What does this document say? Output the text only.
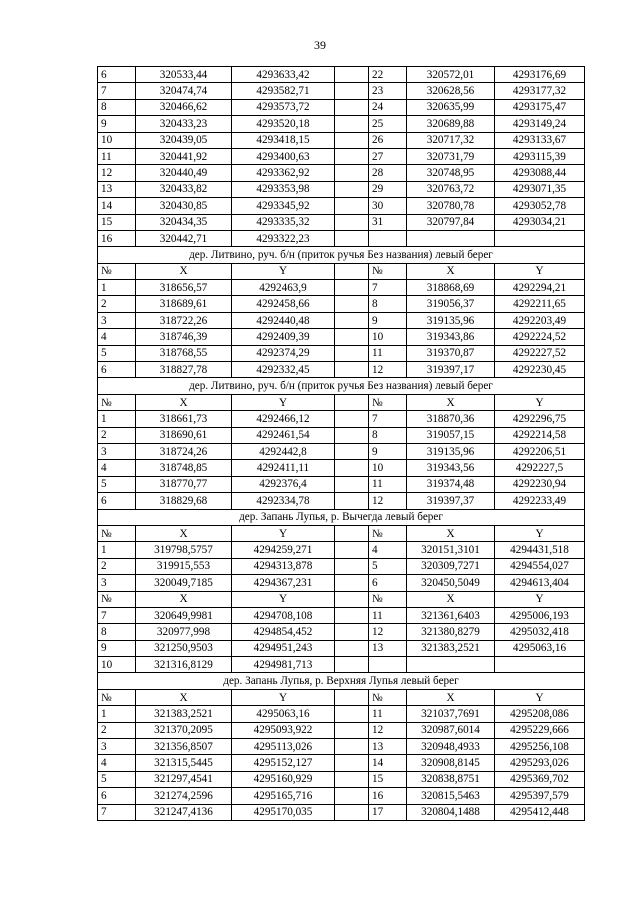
39
6	320533,44	4293633,42		22	320572,01	4293176,69
7	320474,74	4293582,71		23	320628,56	4293177,32
8	320466,62	4293573,72		24	320635,99	4293175,47
9	320433,23	4293520,18		25	320689,88	4293149,24
10	320439,05	4293418,15		26	320717,32	4293133,67
11	320441,92	4293400,63		27	320731,79	4293115,39
12	320440,49	4293362,92		28	320748,95	4293088,44
13	320433,82	4293353,98		29	320763,72	4293071,35
14	320430,85	4293345,92		30	320780,78	4293052,78
15	320434,35	4293335,32		31	320797,84	4293034,21
16	320442,71	4293322,23				
дер. Литвино, руч. б/н (приток ручья Без названия) левый берег						
№	X	Y		№	X	Y
1	318656,57	4292463,9		7	318868,69	4292294,21
2	318689,61	4292458,66		8	319056,37	4292211,65
3	318722,26	4292440,48		9	319135,96	4292203,49
4	318746,39	4292409,39		10	319343,86	4292224,52
5	318768,55	4292374,29		11	319370,87	4292227,52
6	318827,78	4292332,45		12	319397,17	4292230,45
дер. Литвино, руч. б/н (приток ручья Без названия) левый берег						
№	X	Y		№	X	Y
1	318661,73	4292466,12		7	318870,36	4292296,75
2	318690,61	4292461,54		8	319057,15	4292214,58
3	318724,26	4292442,8		9	319135,96	4292206,51
4	318748,85	4292411,11		10	319343,56	4292227,5
5	318770,77	4292376,4		11	319374,48	4292230,94
6	318829,68	4292334,78		12	319397,37	4292233,49
дер. Запань Лупья, р. Вычегда левый берег						
№	X	Y		№	X	Y
1	319798,5757	4294259,271		4	320151,3101	4294431,518
2	319915,553	4294313,878		5	320309,7271	4294554,027
3	320049,7185	4294367,231		6	320450,5049	4294613,404
№	X	Y		№	X	Y
7	320649,9981	4294708,108		11	321361,6403	4295006,193
8	320977,998	4294854,452		12	321380,8279	4295032,418
9	321250,9503	4294951,243		13	321383,2521	4295063,16
10	321316,8129	4294981,713				
дер. Запань Лупья, р. Верхняя Лупья левый берег						
№	X	Y		№	X	Y
1	321383,2521	4295063,16		11	321037,7691	4295208,086
2	321370,2095	4295093,922		12	320987,6014	4295229,666
3	321356,8507	4295113,026		13	320948,4933	4295256,108
4	321315,5445	4295152,127		14	320908,8145	4295293,026
5	321297,4541	4295160,929		15	320838,8751	4295369,702
6	321274,2596	4295165,716		16	320815,5463	4295397,579
7	321247,4136	4295170,035		17	320804,1488	4295412,448
